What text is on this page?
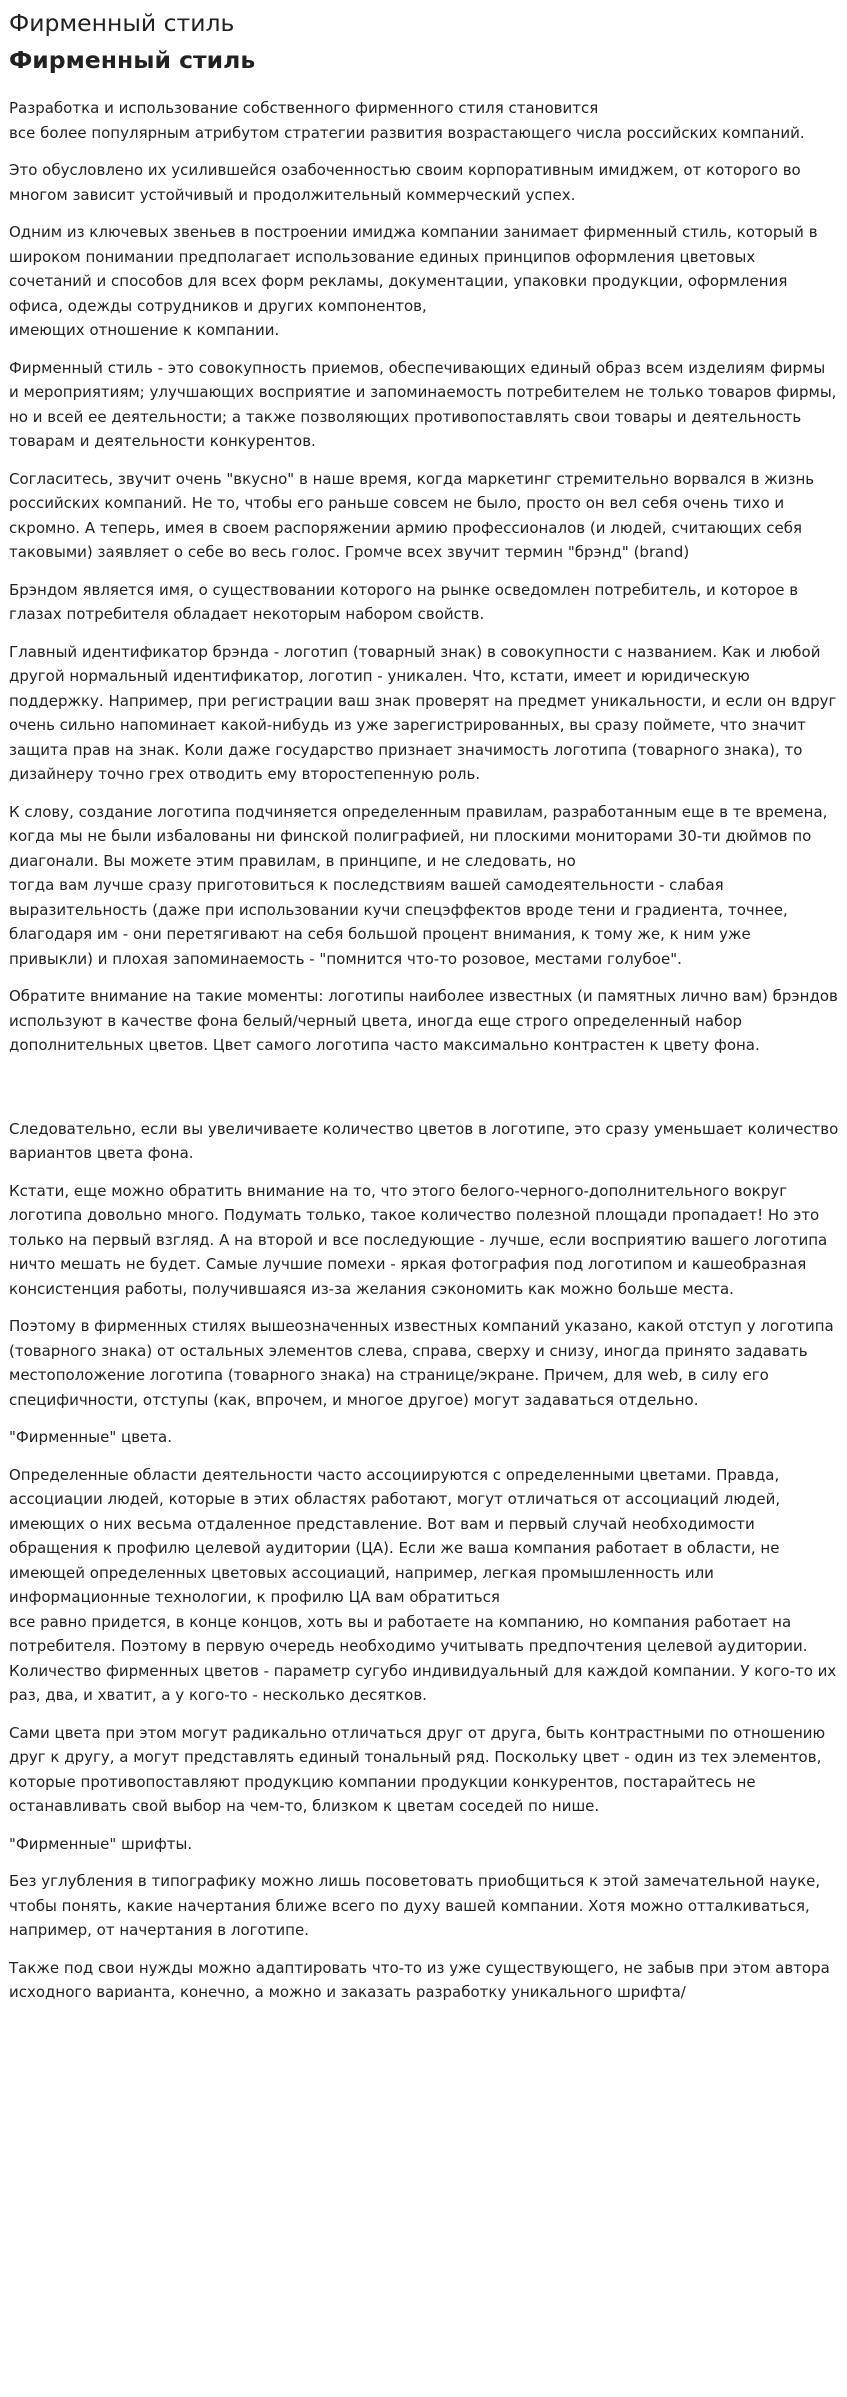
Фирменный стиль
Фирменный стиль

Разработка и использование собственного фирменного стиля становится
все более популярным атрибутом стратегии развития возрастающего числа российских компаний.

Это обусловлено их усилившейся озабоченностью своим корпоративным имиджем, от которого во многом зависит устойчивый и продолжительный коммерческий успех.

Одним из ключевых звеньев в построении имиджа компании занимает фирменный стиль, который в широком понимании предполагает использование единых принципов оформления цветовых сочетаний и способов для всех форм рекламы, документации, упаковки продукции, оформления офиса, одежды сотрудников и других компонентов,
имеющих отношение к компании.

Фирменный стиль - это совокупность приемов, обеспечивающих единый образ всем изделиям фирмы и мероприятиям; улучшающих восприятие и запоминаемость потребителем не только товаров фирмы, но и всей ее деятельности; а также позволяющих противопоставлять свои товары и деятельность товарам и деятельности конкурентов.

Согласитесь, звучит очень "вкусно" в наше время, когда маркетинг стремительно ворвался в жизнь российских компаний. Не то, чтобы его раньше совсем не было, просто он вел себя очень тихо и скромно. А теперь, имея в своем распоряжении армию профессионалов (и людей, считающих себя таковыми) заявляет о себе во весь голос. Громче всех звучит термин "брэнд" (brand)

Брэндом является имя, о существовании которого на рынке осведомлен потребитель, и которое в глазах потребителя обладает некоторым набором свойств.

Главный идентификатор брэнда - логотип (товарный знак) в совокупности с названием. Как и любой другой нормальный идентификатор, логотип - уникален. Что, кстати, имеет и юридическую поддержку. Например, при регистрации ваш знак проверят на предмет уникальности, и если он вдруг очень сильно напоминает какой-нибудь из уже зарегистрированных, вы сразу поймете, что значит защита прав на знак. Коли даже государство признает значимость логотипа (товарного знака), то дизайнеру точно грех отводить ему второстепенную роль.

К слову, создание логотипа подчиняется определенным правилам, разработанным еще в те времена, когда мы не были избалованы ни финской полиграфией, ни плоскими мониторами 30-ти дюймов по диагонали. Вы можете этим правилам, в принципе, и не следовать, но
тогда вам лучше сразу приготовиться к последствиям вашей самодеятельности - слабая выразительность (даже при использовании кучи спецэффектов вроде тени и градиента, точнее, благодаря им - они перетягивают на себя большой процент внимания, к тому же, к ним уже привыкли) и плохая запоминаемость - "помнится что-то розовое, местами голубое".

Обратите внимание на такие моменты: логотипы наиболее известных (и памятных лично вам) брэндов используют в качестве фона белый/черный цвета, иногда еще строго определенный набор дополнительных цветов. Цвет самого логотипа часто максимально контрастен к цвету фона.

Следовательно, если вы увеличиваете количество цветов в логотипе, это сразу уменьшает количество вариантов цвета фона.

Кстати, еще можно обратить внимание на то, что этого белого-черного-дополнительного вокруг логотипа довольно много. Подумать только, такое количество полезной площади пропадает! Но это только на первый взгляд. А на второй и все последующие - лучше, если восприятию вашего логотипа ничто мешать не будет. Самые лучшие помехи - яркая фотография под логотипом и кашеобразная консистенция работы, получившаяся из-за желания сэкономить как можно больше места.

Поэтому в фирменных стилях вышеозначенных известных компаний указано, какой отступ у логотипа (товарного знака) от остальных элементов слева, справа, сверху и снизу, иногда принято задавать местоположение логотипа (товарного знака) на странице/экране. Причем, для web, в силу его специфичности, отступы (как, впрочем, и многое другое) могут задаваться отдельно.

"Фирменные" цвета.

Определенные области деятельности часто ассоциируются с определенными цветами. Правда, ассоциации людей, которые в этих областях работают, могут отличаться от ассоциаций людей, имеющих о них весьма отдаленное представление. Вот вам и первый случай необходимости обращения к профилю целевой аудитории (ЦА). Если же ваша компания работает в области, не имеющей определенных цветовых ассоциаций, например, легкая промышленность или информационные технологии, к профилю ЦА вам обратиться
все равно придется, в конце концов, хоть вы и работаете на компанию, но компания работает на потребителя. Поэтому в первую очередь необходимо учитывать предпочтения целевой аудитории. Количество фирменных цветов - параметр сугубо индивидуальный для каждой компании. У кого-то их раз, два, и хватит, а у кого-то - несколько десятков.

Сами цвета при этом могут радикально отличаться друг от друга, быть контрастными по отношению друг к другу, а могут представлять единый тональный ряд. Поскольку цвет - один из тех элементов, которые противопоставляют продукцию компании продукции конкурентов, постарайтесь не останавливать свой выбор на чем-то, близком к цветам соседей по нише.

"Фирменные" шрифты.

Без углубления в типографику можно лишь посоветовать приобщиться к этой замечательной науке, чтобы понять, какие начертания ближе всего по духу вашей компании. Хотя можно отталкиваться, например, от начертания в логотипе.

Также под свои нужды можно адаптировать что-то из уже существующего, не забыв при этом автора исходного варианта, конечно, а можно и заказать разработку уникального шрифта/
